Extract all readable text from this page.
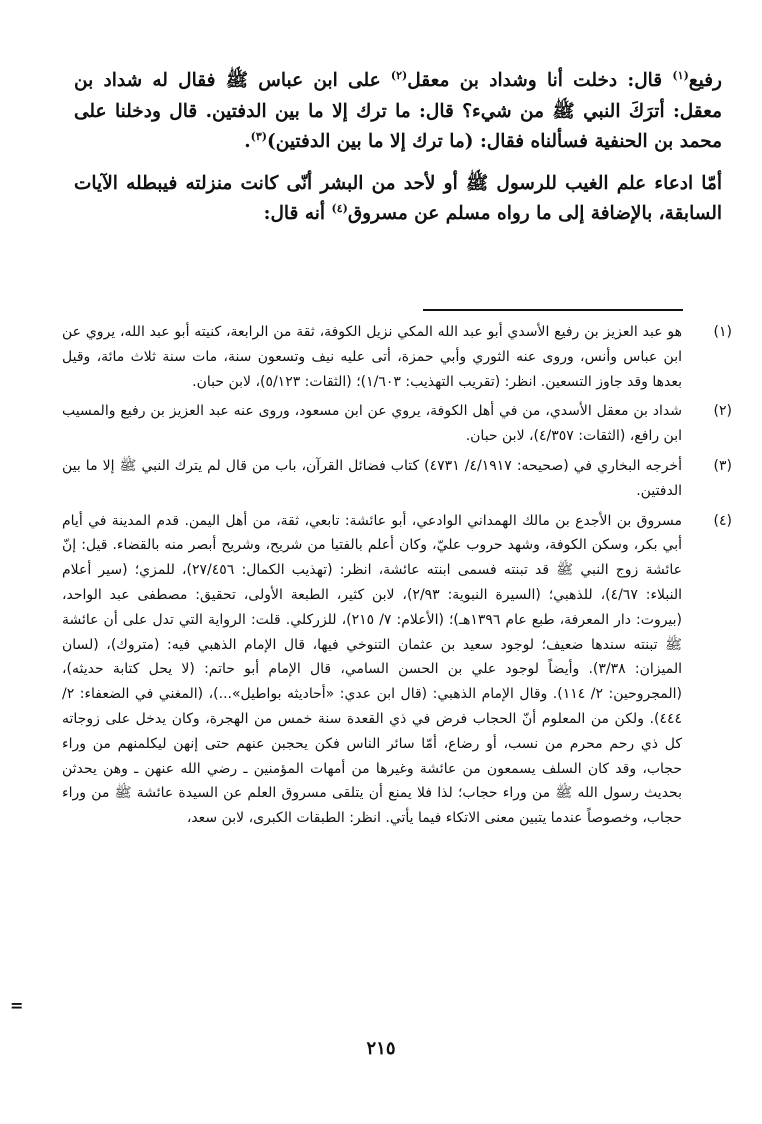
رفيع$^{(١)}$ قال: دخلت أنا وشداد بن معقل$^{(٢)}$ على ابن عباس ﷺ فقال له شداد بن معقل: أترَكَ النبي ﷺ من شيء؟ قال: ما ترك إلا ما بين الدفتين. قال ودخلنا على محمد بن الحنفية فسألناه فقال: (ما ترك إلا ما بين الدفتين)$^{(٣)}$.

أمّا ادعاء علم الغيب للرسول ﷺ أو لأحد من البشر أنّى كانت منزلته فيبطله الآيات السابقة، بالإضافة إلى ما رواه مسلم عن مسروق$^{(٤)}$ أنه قال:

(١)
هو عبد العزيز بن رفيع الأسدي أبو عبد الله المكي نزيل الكوفة، ثقة من الرابعة، كنيته أبو عبد الله، يروي عن ابن عباس وأنس، وروى عنه الثوري وأبي حمزة، أتى عليه نيف وتسعون سنة، مات سنة ثلاث مائة، وقيل بعدها وقد جاوز التسعين. انظر: (تقريب التهذيب: ١/٦٠٣)؛ (الثقات: ٥/١٢٣)، لابن حبان.
(٢)
شداد بن معقل الأسدي، من في أهل الكوفة، يروي عن ابن مسعود، وروى عنه عبد العزيز بن رفيع والمسيب ابن رافع، (الثقات: ٤/٣٥٧)، لابن حبان.
(٣)
أخرجه البخاري في (صحيحه: ٤/١٩١٧/ ٤٧٣١) كتاب فضائل القرآن، باب من قال لم يترك النبي ﷺ إلا ما بين الدفتين.
(٤)
مسروق بن الأجدع بن مالك الهمداني الوادعي، أبو عائشة: تابعي، ثقة، من أهل اليمن. قدم المدينة في أيام أبي بكر، وسكن الكوفة، وشهد حروب عليّ، وكان أعلم بالفتيا من شريح، وشريح أبصر منه بالقضاء. قيل: إنّ عائشة زوج النبي ﷺ قد تبنته فسمى ابنته عائشة، انظر: (تهذيب الكمال: ٢٧/٤٥٦)، للمزي؛ (سير أعلام النبلاء: ٤/٦٧)، للذهبي؛ (السيرة النبوية: ٢/٩٣)، لابن كثير، الطبعة الأولى، تحقيق: مصطفى عبد الواحد، (بيروت: دار المعرفة، طبع عام ١٣٩٦هـ)؛ (الأعلام: ٧/ ٢١٥)، للزركلي. قلت: الرواية التي تدل على أن عائشة ﷺ تبنته سندها ضعيف؛ لوجود سعيد بن عثمان التنوخي فيها، قال الإمام الذهبي فيه: (متروك)، (لسان الميزان: ٣/٣٨). وأيضاً لوجود علي بن الحسن السامي، قال الإمام أبو حاتم: (لا يحل كتابة حديثه)، (المجروحين: ٢/ ١١٤). وقال الإمام الذهبي: (قال ابن عدي: «أحاديثه بواطيل»...)، (المغني في الضعفاء: ٢/ ٤٤٤). ولكن من المعلوم أنّ الحجاب فرض في ذي القعدة سنة خمس من الهجرة، وكان يدخل على زوجاته كل ذي رحم محرم من نسب، أو رضاع، أمّا سائر الناس فكن يحجبن عنهم حتى إنهن ليكلمنهم من وراء حجاب، وقد كان السلف يسمعون من عائشة وغيرها من أمهات المؤمنين ـ رضي الله عنهن ـ وهن يحدثن بحديث رسول الله ﷺ من وراء حجاب؛ لذا فلا يمنع أن يتلقى مسروق العلم عن السيدة عائشة ﷺ من وراء حجاب، وخصوصاً عندما يتبين معنى الاتكاء فيما يأتي. انظر: الطبقات الكبرى، لابن سعد،
=
٢١٥
